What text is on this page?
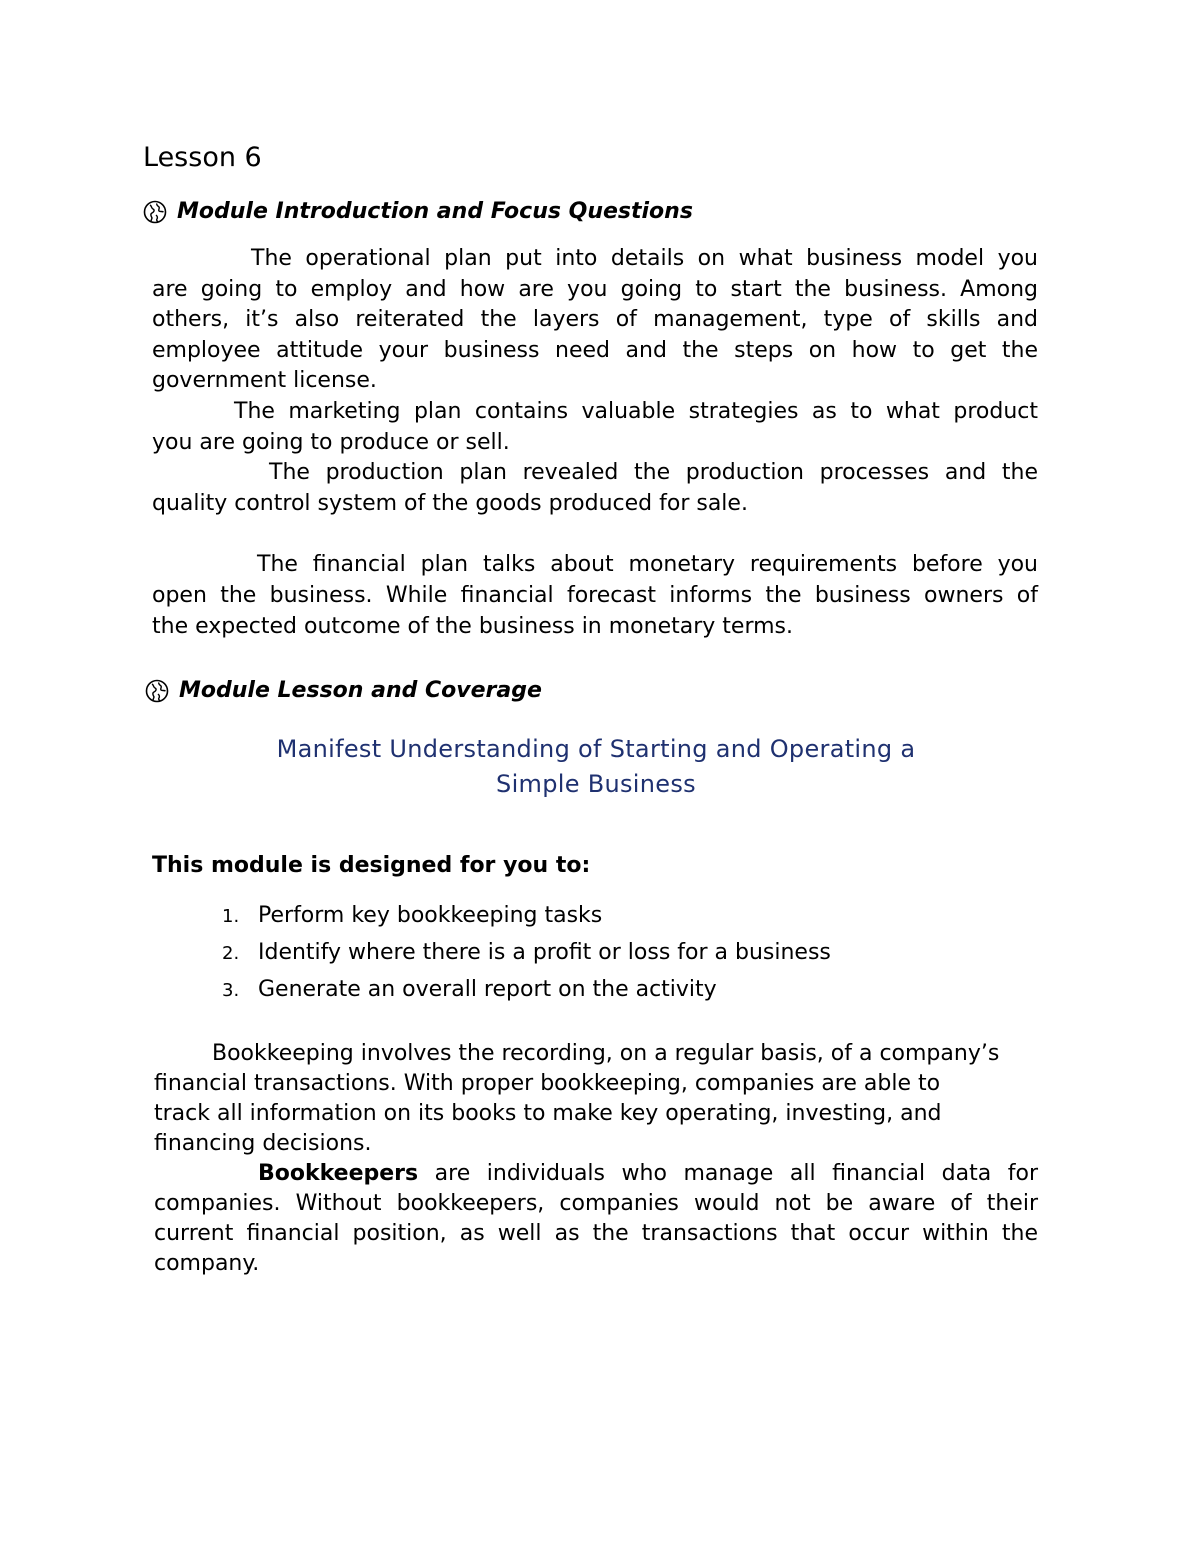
Lesson 6
Module Introduction and Focus Questions
The operational plan put into details on what business model you
are going to employ and how are you going to start the business. Among
others, it’s also reiterated the layers of management, type of skills and
employee attitude your business need and the steps on how to get the
government license.
The marketing plan contains valuable strategies as to what product
you are going to produce or sell.
The production plan revealed the production processes and the
quality control system of the goods produced for sale.
The financial plan talks about monetary requirements before you
open the business. While financial forecast informs the business owners of
the expected outcome of the business in monetary terms.
Module Lesson and Coverage
Manifest Understanding of Starting and Operating a
Simple Business
This module is designed for you to:
1. Perform key bookkeeping tasks
2. Identify where there is a profit or loss for a business
3. Generate an overall report on the activity
Bookkeeping involves the recording, on a regular basis, of a company’s
financial transactions. With proper bookkeeping, companies are able to
track all information on its books to make key operating, investing, and
financing decisions.
Bookkeepers are individuals who manage all financial data for
companies. Without bookkeepers, companies would not be aware of their
current financial position, as well as the transactions that occur within the
company.
